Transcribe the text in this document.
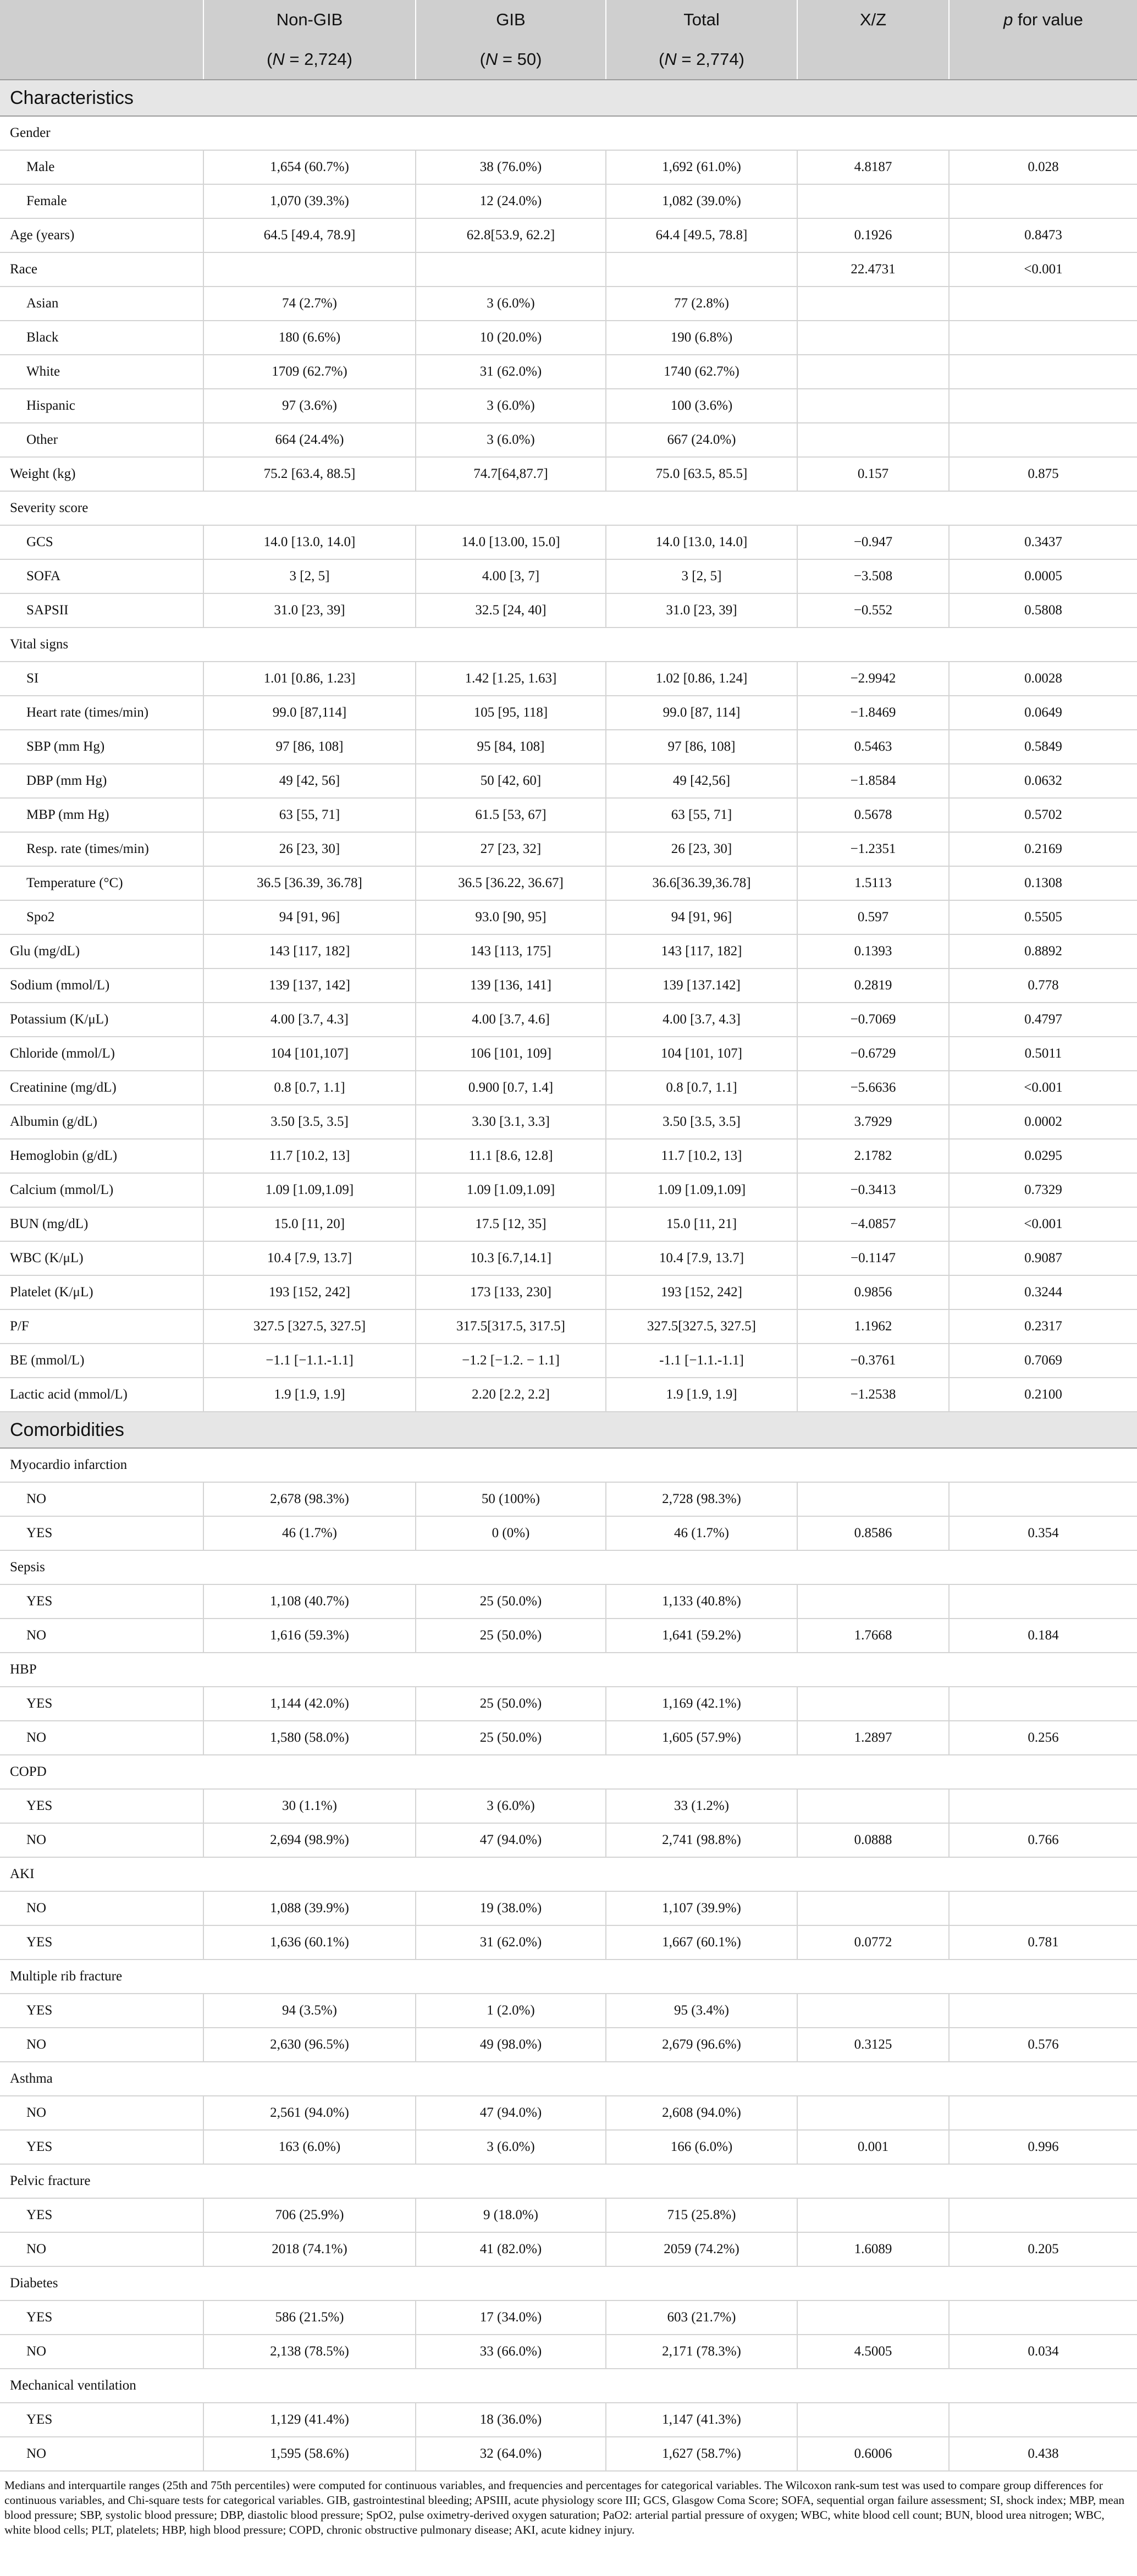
	Non-GIB	GIB	Total	X/Z	p for value
	(N = 2,724)	(N = 50)	(N = 2,774)		
Characteristics					
Gender					
Male	1,654 (60.7%)	38 (76.0%)	1,692 (61.0%)	4.8187	0.028
Female	1,070 (39.3%)	12 (24.0%)	1,082 (39.0%)		
Age (years)	64.5 [49.4, 78.9]	62.8[53.9, 62.2]	64.4 [49.5, 78.8]	0.1926	0.8473
Race				22.4731	<0.001
Asian	74 (2.7%)	3 (6.0%)	77 (2.8%)		
Black	180 (6.6%)	10 (20.0%)	190 (6.8%)		
White	1709 (62.7%)	31 (62.0%)	1740 (62.7%)		
Hispanic	97 (3.6%)	3 (6.0%)	100 (3.6%)		
Other	664 (24.4%)	3 (6.0%)	667 (24.0%)		
Weight (kg)	75.2 [63.4, 88.5]	74.7[64,87.7]	75.0 [63.5, 85.5]	0.157	0.875
Severity score					
GCS	14.0 [13.0, 14.0]	14.0 [13.00, 15.0]	14.0 [13.0, 14.0]	−0.947	0.3437
SOFA	3 [2, 5]	4.00 [3, 7]	3 [2, 5]	−3.508	0.0005
SAPSII	31.0 [23, 39]	32.5 [24, 40]	31.0 [23, 39]	−0.552	0.5808
Vital signs					
SI	1.01 [0.86, 1.23]	1.42 [1.25, 1.63]	1.02 [0.86, 1.24]	−2.9942	0.0028
Heart rate (times/min)	99.0 [87,114]	105 [95, 118]	99.0 [87, 114]	−1.8469	0.0649
SBP (mm Hg)	97 [86, 108]	95 [84, 108]	97 [86, 108]	0.5463	0.5849
DBP (mm Hg)	49 [42, 56]	50 [42, 60]	49 [42,56]	−1.8584	0.0632
MBP (mm Hg)	63 [55, 71]	61.5 [53, 67]	63 [55, 71]	0.5678	0.5702
Resp. rate (times/min)	26 [23, 30]	27 [23, 32]	26 [23, 30]	−1.2351	0.2169
Temperature (°C)	36.5 [36.39, 36.78]	36.5 [36.22, 36.67]	36.6[36.39,36.78]	1.5113	0.1308
Spo2	94 [91, 96]	93.0 [90, 95]	94 [91, 96]	0.597	0.5505
Glu (mg/dL)	143 [117, 182]	143 [113, 175]	143 [117, 182]	0.1393	0.8892
Sodium (mmol/L)	139 [137, 142]	139 [136, 141]	139 [137.142]	0.2819	0.778
Potassium (K/μL)	4.00 [3.7, 4.3]	4.00 [3.7, 4.6]	4.00 [3.7, 4.3]	−0.7069	0.4797
Chloride (mmol/L)	104 [101,107]	106 [101, 109]	104 [101, 107]	−0.6729	0.5011
Creatinine (mg/dL)	0.8 [0.7, 1.1]	0.900 [0.7, 1.4]	0.8 [0.7, 1.1]	−5.6636	<0.001
Albumin (g/dL)	3.50 [3.5, 3.5]	3.30 [3.1, 3.3]	3.50 [3.5, 3.5]	3.7929	0.0002
Hemoglobin (g/dL)	11.7 [10.2, 13]	11.1 [8.6, 12.8]	11.7 [10.2, 13]	2.1782	0.0295
Calcium (mmol/L)	1.09 [1.09,1.09]	1.09 [1.09,1.09]	1.09 [1.09,1.09]	−0.3413	0.7329
BUN (mg/dL)	15.0 [11, 20]	17.5 [12, 35]	15.0 [11, 21]	−4.0857	<0.001
WBC (K/μL)	10.4 [7.9, 13.7]	10.3 [6.7,14.1]	10.4 [7.9, 13.7]	−0.1147	0.9087
Platelet (K/μL)	193 [152, 242]	173 [133, 230]	193 [152, 242]	0.9856	0.3244
P/F	327.5 [327.5, 327.5]	317.5[317.5, 317.5]	327.5[327.5, 327.5]	1.1962	0.2317
BE (mmol/L)	−1.1 [−1.1.-1.1]	−1.2 [−1.2. − 1.1]	-1.1 [−1.1.-1.1]	−0.3761	0.7069
Lactic acid (mmol/L)	1.9 [1.9, 1.9]	2.20 [2.2, 2.2]	1.9 [1.9, 1.9]	−1.2538	0.2100
Comorbidities					
Myocardio infarction					
NO	2,678 (98.3%)	50 (100%)	2,728 (98.3%)		
YES	46 (1.7%)	0 (0%)	46 (1.7%)	0.8586	0.354
Sepsis					
YES	1,108 (40.7%)	25 (50.0%)	1,133 (40.8%)		
NO	1,616 (59.3%)	25 (50.0%)	1,641 (59.2%)	1.7668	0.184
HBP					
YES	1,144 (42.0%)	25 (50.0%)	1,169 (42.1%)		
NO	1,580 (58.0%)	25 (50.0%)	1,605 (57.9%)	1.2897	0.256
COPD					
YES	30 (1.1%)	3 (6.0%)	33 (1.2%)		
NO	2,694 (98.9%)	47 (94.0%)	2,741 (98.8%)	0.0888	0.766
AKI					
NO	1,088 (39.9%)	19 (38.0%)	1,107 (39.9%)		
YES	1,636 (60.1%)	31 (62.0%)	1,667 (60.1%)	0.0772	0.781
Multiple rib fracture					
YES	94 (3.5%)	1 (2.0%)	95 (3.4%)		
NO	2,630 (96.5%)	49 (98.0%)	2,679 (96.6%)	0.3125	0.576
Asthma					
NO	2,561 (94.0%)	47 (94.0%)	2,608 (94.0%)		
YES	163 (6.0%)	3 (6.0%)	166 (6.0%)	0.001	0.996
Pelvic fracture					
YES	706 (25.9%)	9 (18.0%)	715 (25.8%)		
NO	2018 (74.1%)	41 (82.0%)	2059 (74.2%)	1.6089	0.205
Diabetes					
YES	586 (21.5%)	17 (34.0%)	603 (21.7%)		
NO	2,138 (78.5%)	33 (66.0%)	2,171 (78.3%)	4.5005	0.034
Mechanical ventilation					
YES	1,129 (41.4%)	18 (36.0%)	1,147 (41.3%)		
NO	1,595 (58.6%)	32 (64.0%)	1,627 (58.7%)	0.6006	0.438
Medians and interquartile ranges (25th and 75th percentiles) were computed for continuous variables, and frequencies and percentages for categorical variables. The Wilcoxon rank-sum test was used to compare group differences for continuous variables, and Chi-square tests for categorical variables. GIB, gastrointestinal bleeding; APSIII, acute physiology score III; GCS, Glasgow Coma Score; SOFA, sequential organ failure assessment; SI, shock index; MBP, mean blood pressure; SBP, systolic blood pressure; DBP, diastolic blood pressure; SpO2, pulse oximetry-derived oxygen saturation; PaO2: arterial partial pressure of oxygen; WBC, white blood cell count; BUN, blood urea nitrogen; WBC, white blood cells; PLT, platelets; HBP, high blood pressure; COPD, chronic obstructive pulmonary disease; AKI, acute kidney injury.
